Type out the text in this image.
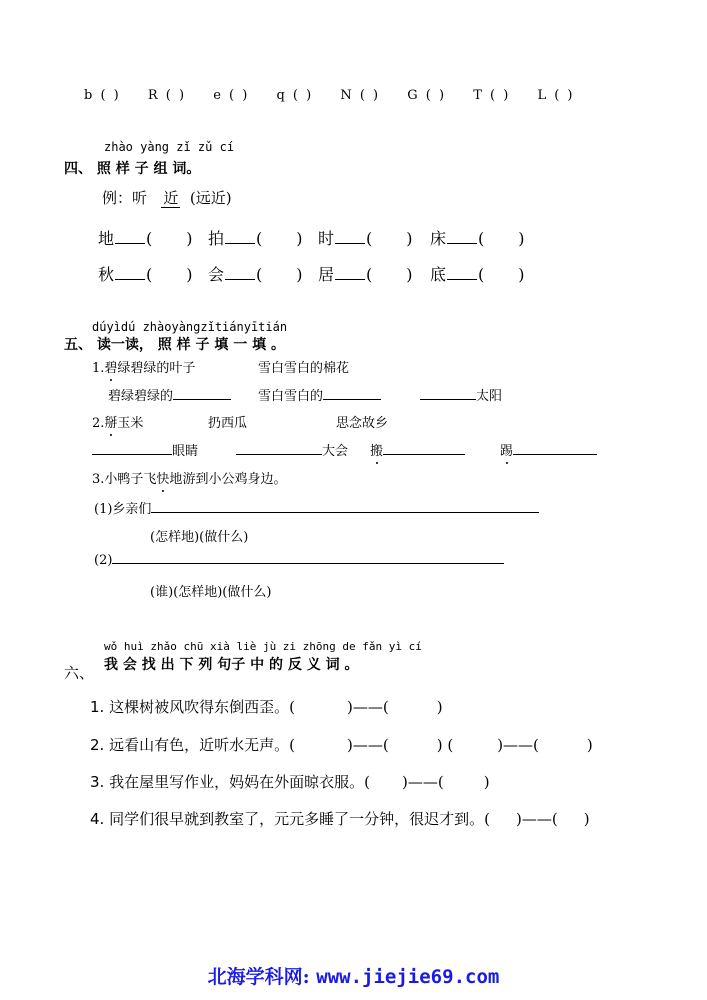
b ( ) R ( ) e ( ) q ( ) N ( ) G ( ) T ( ) L ( )
zhào yàng zǐ zǔ cí
四、 照 样 子 组 词。
例：听 近 (远近)
地 ( ) 拍 ( ) 时 ( ) 床 ( )
秋 ( ) 会 ( ) 居 ( ) 底 ( )
dúyìdú zhàoyàngzǐtiányītián
五、 读一读， 照 样 子 填 一 填 。
1.碧绿碧绿的叶子	雪白雪白的棉花
碧绿碧绿的	雪白雪白的	太阳
2.掰玉米	扔西瓜	思念故乡
眼睛	大会 搬	踢
3.小鸭子飞快地游到小公鸡身边。
(1)乡亲们
(怎样地)(做什么)
(2)
(谁)(怎样地)(做什么)
wǒ huì zhǎo chū xià liè jù zi zhōng de fǎn yì cí
我 会 找 出 下 列 句子 中 的 反 义 词 。
六、
1. 这棵树被风吹得东倒西歪。(	)——(	)
2. 远看山有色，近听水无声。(	)——(	) (	)——(	)
3. 我在屋里写作业，妈妈在外面晾衣服。( )——(	)
4. 同学们很早就到教室了，元元多睡了一分钟，很迟才到。( )——( )
北海学科网: www.jiejie69.com
